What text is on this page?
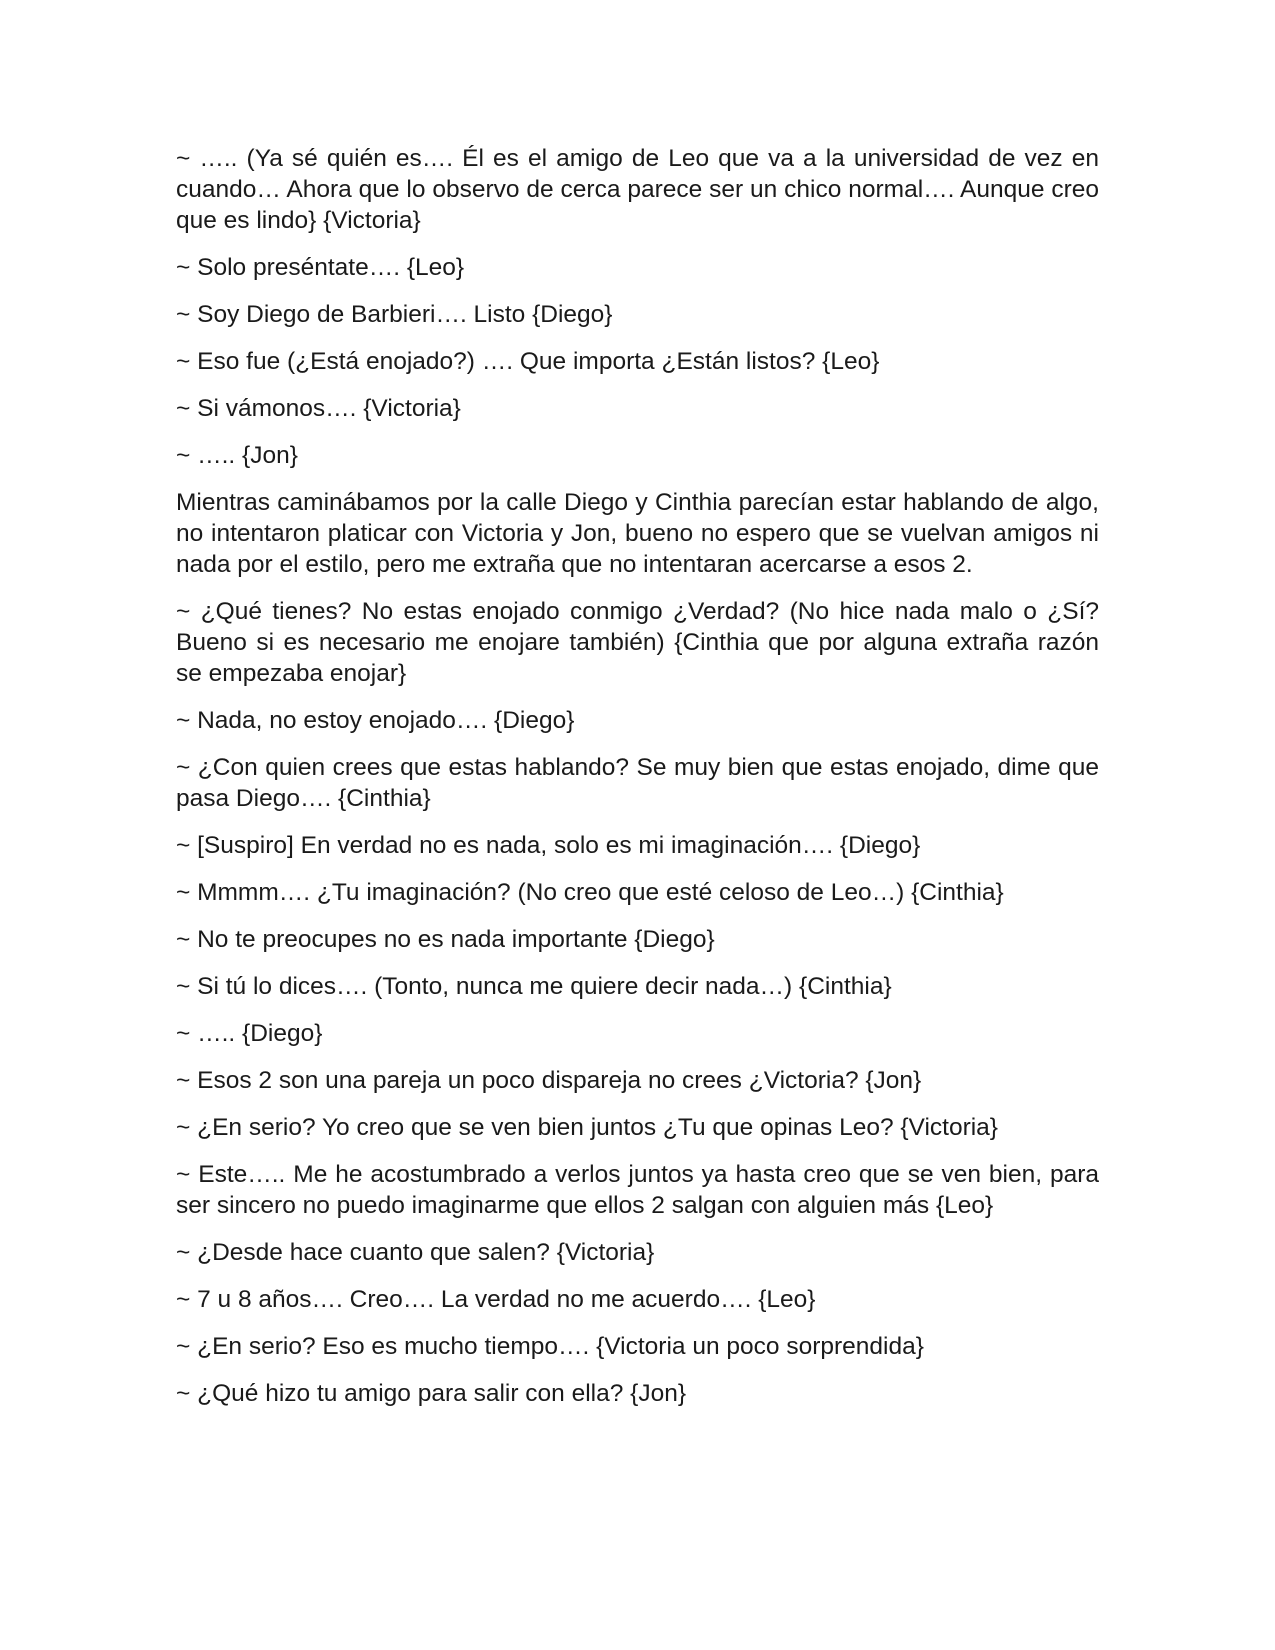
~ ….. (Ya sé quién es…. Él es el amigo de Leo que va a la universidad de vez en cuando… Ahora que lo observo de cerca parece ser un chico normal…. Aunque creo que es lindo} {Victoria}

~ Solo preséntate…. {Leo}

~ Soy Diego de Barbieri…. Listo {Diego}

~ Eso fue (¿Está enojado?) …. Que importa ¿Están listos? {Leo}

~ Si vámonos…. {Victoria}

~ ….. {Jon}

Mientras caminábamos por la calle Diego y Cinthia parecían estar hablando de algo, no intentaron platicar con Victoria y Jon, bueno no espero que se vuelvan amigos ni nada por el estilo, pero me extraña que no intentaran acercarse a esos 2.

~ ¿Qué tienes? No estas enojado conmigo ¿Verdad? (No hice nada malo o ¿Sí? Bueno si es necesario me enojare también) {Cinthia que por alguna extraña razón se empezaba enojar}

~ Nada, no estoy enojado…. {Diego}

~ ¿Con quien crees que estas hablando? Se muy bien que estas enojado, dime que pasa Diego…. {Cinthia}

~ [Suspiro] En verdad no es nada, solo es mi imaginación…. {Diego}

~ Mmmm…. ¿Tu imaginación? (No creo que esté celoso de Leo…) {Cinthia}

~ No te preocupes no es nada importante {Diego}

~ Si tú lo dices…. (Tonto, nunca me quiere decir nada…) {Cinthia}

~ ….. {Diego}

~ Esos 2 son una pareja un poco dispareja no crees ¿Victoria? {Jon}

~ ¿En serio? Yo creo que se ven bien juntos ¿Tu que opinas Leo? {Victoria}

~ Este….. Me he acostumbrado a verlos juntos ya hasta creo que se ven bien, para ser sincero no puedo imaginarme que ellos 2 salgan con alguien más {Leo}

~ ¿Desde hace cuanto que salen? {Victoria}

~ 7 u 8 años…. Creo…. La verdad no me acuerdo…. {Leo}

~ ¿En serio? Eso es mucho tiempo…. {Victoria un poco sorprendida}

~ ¿Qué hizo tu amigo para salir con ella? {Jon}
